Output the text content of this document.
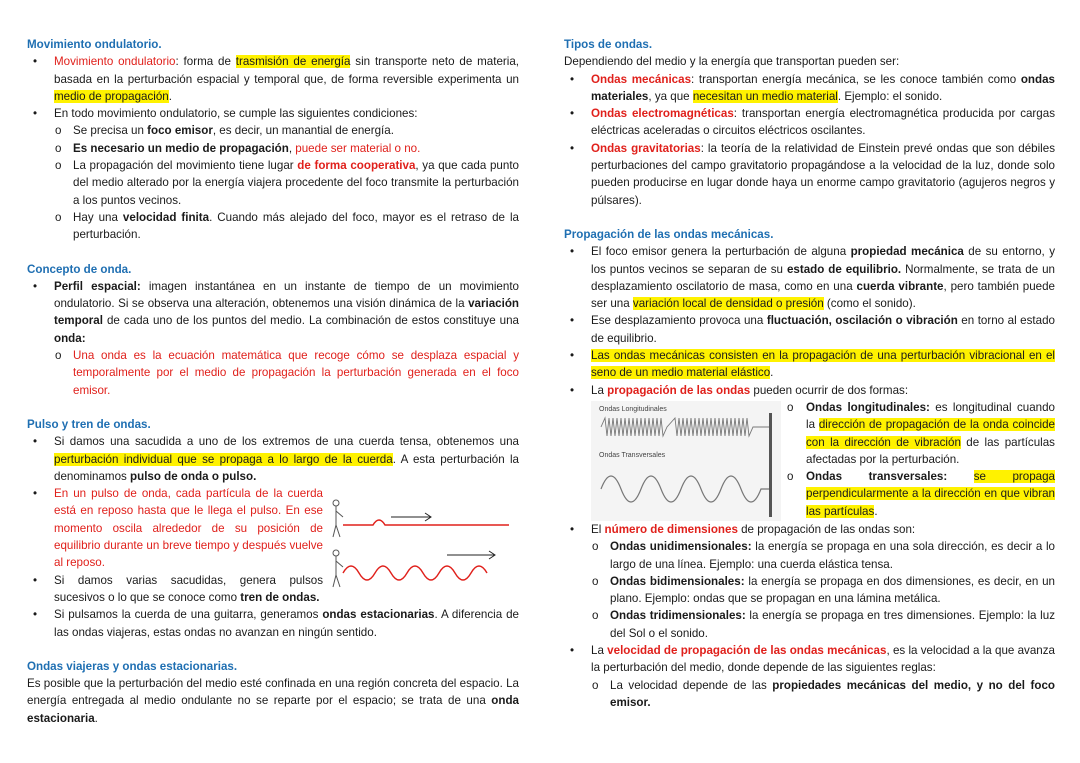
Movimiento ondulatorio.
• Movimiento ondulatorio: forma de trasmisión de energía sin transporte neto de materia, basada en la perturbación espacial y temporal que, de forma reversible experimenta un medio de propagación.
• En todo movimiento ondulatorio, se cumple las siguientes condiciones:
o Se precisa un foco emisor, es decir, un manantial de energía.
o Es necesario un medio de propagación, puede ser material o no.
o La propagación del movimiento tiene lugar de forma cooperativa, ya que cada punto del medio alterado por la energía viajera procedente del foco transmite la perturbación a los puntos vecinos.
o Hay una velocidad finita. Cuando más alejado del foco, mayor es el retraso de la perturbación.
Concepto de onda.
• Perfil espacial: imagen instantánea en un instante de tiempo de un movimiento ondulatorio. Si se observa una alteración, obtenemos una visión dinámica de la variación temporal de cada uno de los puntos del medio. La combinación de estos constituye una onda:
o Una onda es la ecuación matemática que recoge cómo se desplaza espacial y temporalmente por el medio de propagación la perturbación generada en el foco emisor.
Pulso y tren de ondas.
• Si damos una sacudida a uno de los extremos de una cuerda tensa, obtenemos una perturbación individual que se propaga a lo largo de la cuerda. A esta perturbación la denominamos pulso de onda o pulso.
• En un pulso de onda, cada partícula de la cuerda está en reposo hasta que le llega el pulso. En ese momento oscila alrededor de su posición de equilibrio durante un breve tiempo y después vuelve al reposo.
• Si damos varias sacudidas, genera pulsos sucesivos o lo que se conoce como tren de ondas.
• Si pulsamos la cuerda de una guitarra, generamos ondas estacionarias. A diferencia de las ondas viajeras, estas ondas no avanzan en ningún sentido.
Ondas viajeras y ondas estacionarias.
Es posible que la perturbación del medio esté confinada en una región concreta del espacio. La energía entregada al medio ondulante no se reparte por el espacio; se trata de una onda estacionaria.
Tipos de ondas.
Dependiendo del medio y la energía que transportan pueden ser:
• Ondas mecánicas: transportan energía mecánica, se les conoce también como ondas materiales, ya que necesitan un medio material. Ejemplo: el sonido.
• Ondas electromagnéticas: transportan energía electromagnética producida por cargas eléctricas aceleradas o circuitos eléctricos oscilantes.
• Ondas gravitatorias: la teoría de la relatividad de Einstein prevé ondas que son débiles perturbaciones del campo gravitatorio propagándose a la velocidad de la luz, donde solo pueden producirse en lugar donde haya un enorme campo gravitatorio (agujeros negros y púlsares).
Propagación de las ondas mecánicas.
• El foco emisor genera la perturbación de alguna propiedad mecánica de su entorno, y los puntos vecinos se separan de su estado de equilibrio. Normalmente, se trata de un desplazamiento oscilatorio de masa, como en una cuerda vibrante, pero también puede ser una variación local de densidad o presión (como el sonido).
• Ese desplazamiento provoca una fluctuación, oscilación o vibración en torno al estado de equilibrio.
• Las ondas mecánicas consisten en la propagación de una perturbación vibracional en el seno de un medio material elástico.
• La propagación de las ondas pueden ocurrir de dos formas:
Ondas Longitudinales
Ondas Transversales
o Ondas longitudinales: es longitudinal cuando la dirección de propagación de la onda coincide con la dirección de vibración de las partículas afectadas por la perturbación.
o Ondas transversales: se propaga perpendicularmente a la dirección en que vibran las partículas.
• El número de dimensiones de propagación de las ondas son:
o Ondas unidimensionales: la energía se propaga en una sola dirección, es decir a lo largo de una línea. Ejemplo: una cuerda elástica tensa.
o Ondas bidimensionales: la energía se propaga en dos dimensiones, es decir, en un plano. Ejemplo: ondas que se propagan en una lámina metálica.
o Ondas tridimensionales: la energía se propaga en tres dimensiones. Ejemplo: la luz del Sol o el sonido.
• La velocidad de propagación de las ondas mecánicas, es la velocidad a la que avanza la perturbación del medio, donde depende de las siguientes reglas:
o La velocidad depende de las propiedades mecánicas del medio, y no del foco emisor.
